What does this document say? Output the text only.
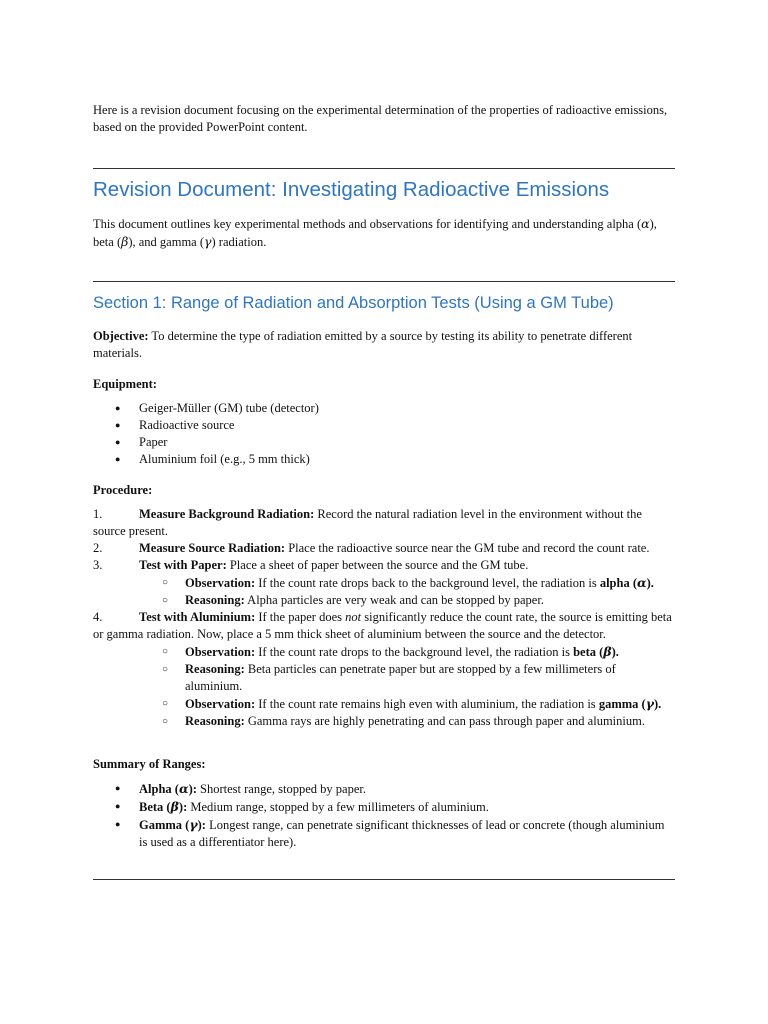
Here is a revision document focusing on the experimental determination of the properties of radioactive emissions, based on the provided PowerPoint content.

Revision Document: Investigating Radioactive Emissions

This document outlines key experimental methods and observations for identifying and understanding alpha (α), beta (β), and gamma (γ) radiation.

Section 1: Range of Radiation and Absorption Tests (Using a GM Tube)

Objective: To determine the type of radiation emitted by a source by testing its ability to penetrate different materials.

Equipment:

● Geiger-Müller (GM) tube (detector)
● Radioactive source
● Paper
● Aluminium foil (e.g., 5 mm thick)

Procedure:

1.	Measure Background Radiation: Record the natural radiation level in the environment without the source present.

2.	Measure Source Radiation: Place the radioactive source near the GM tube and record the count rate.

3.	Test with Paper: Place a sheet of paper between the source and the GM tube.

○ Observation: If the count rate drops back to the background level, the radiation is alpha (α).
○ Reasoning: Alpha particles are very weak and can be stopped by paper.
4.	Test with Aluminium: If the paper does not significantly reduce the count rate, the source is emitting beta or gamma radiation. Now, place a 5 mm thick sheet of aluminium between the source and the detector.

○ Observation: If the count rate drops to the background level, the radiation is beta (β).
○ Reasoning: Beta particles can penetrate paper but are stopped by a few millimeters of aluminium.
○ Observation: If the count rate remains high even with aluminium, the radiation is gamma (γ).
○ Reasoning: Gamma rays are highly penetrating and can pass through paper and aluminium.

Summary of Ranges:

● Alpha (α): Shortest range, stopped by paper.
● Beta (β): Medium range, stopped by a few millimeters of aluminium.
● Gamma (γ): Longest range, can penetrate significant thicknesses of lead or concrete (though aluminium is used as a differentiator here).
